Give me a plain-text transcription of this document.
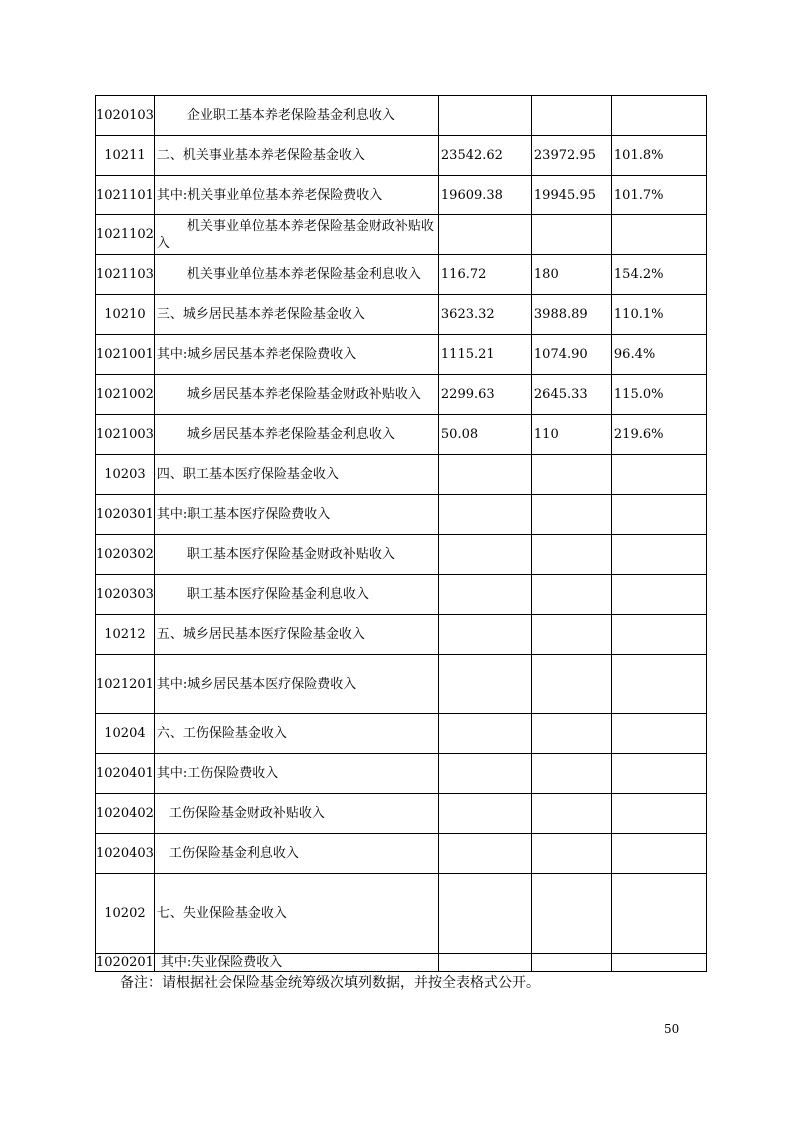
1020103	企业职工基本养老保险基金利息收入			
10211	二、机关事业基本养老保险基金收入	23542.62	23972.95	101.8%
1021101	其中:机关事业单位基本养老保险费收入	19609.38	19945.95	101.7%
1021102	机关事业单位基本养老保险基金财政补贴收入			

1021103	机关事业单位基本养老保险基金利息收入	116.72	180	154.2%
10210	三、城乡居民基本养老保险基金收入	3623.32	3988.89	110.1%
1021001	其中:城乡居民基本养老保险费收入	1115.21	1074.90	96.4%
1021002	城乡居民基本养老保险基金财政补贴收入	2299.63	2645.33	115.0%
1021003	城乡居民基本养老保险基金利息收入	50.08	110	219.6%
10203	四、职工基本医疗保险基金收入			
1020301	其中:职工基本医疗保险费收入			
1020302	职工基本医疗保险基金财政补贴收入			
1020303	职工基本医疗保险基金利息收入			
10212	五、城乡居民基本医疗保险基金收入			
1021201	其中:城乡居民基本医疗保险费收入			
10204	六、工伤保险基金收入			
1020401	其中:工伤保险费收入			
1020402	工伤保险基金财政补贴收入			
1020403	工伤保险基金利息收入			
10202	七、失业保险基金收入			
1020201	其中:失业保险费收入			
备注：请根据社会保险基金统筹级次填列数据，并按全表格式公开。
50
